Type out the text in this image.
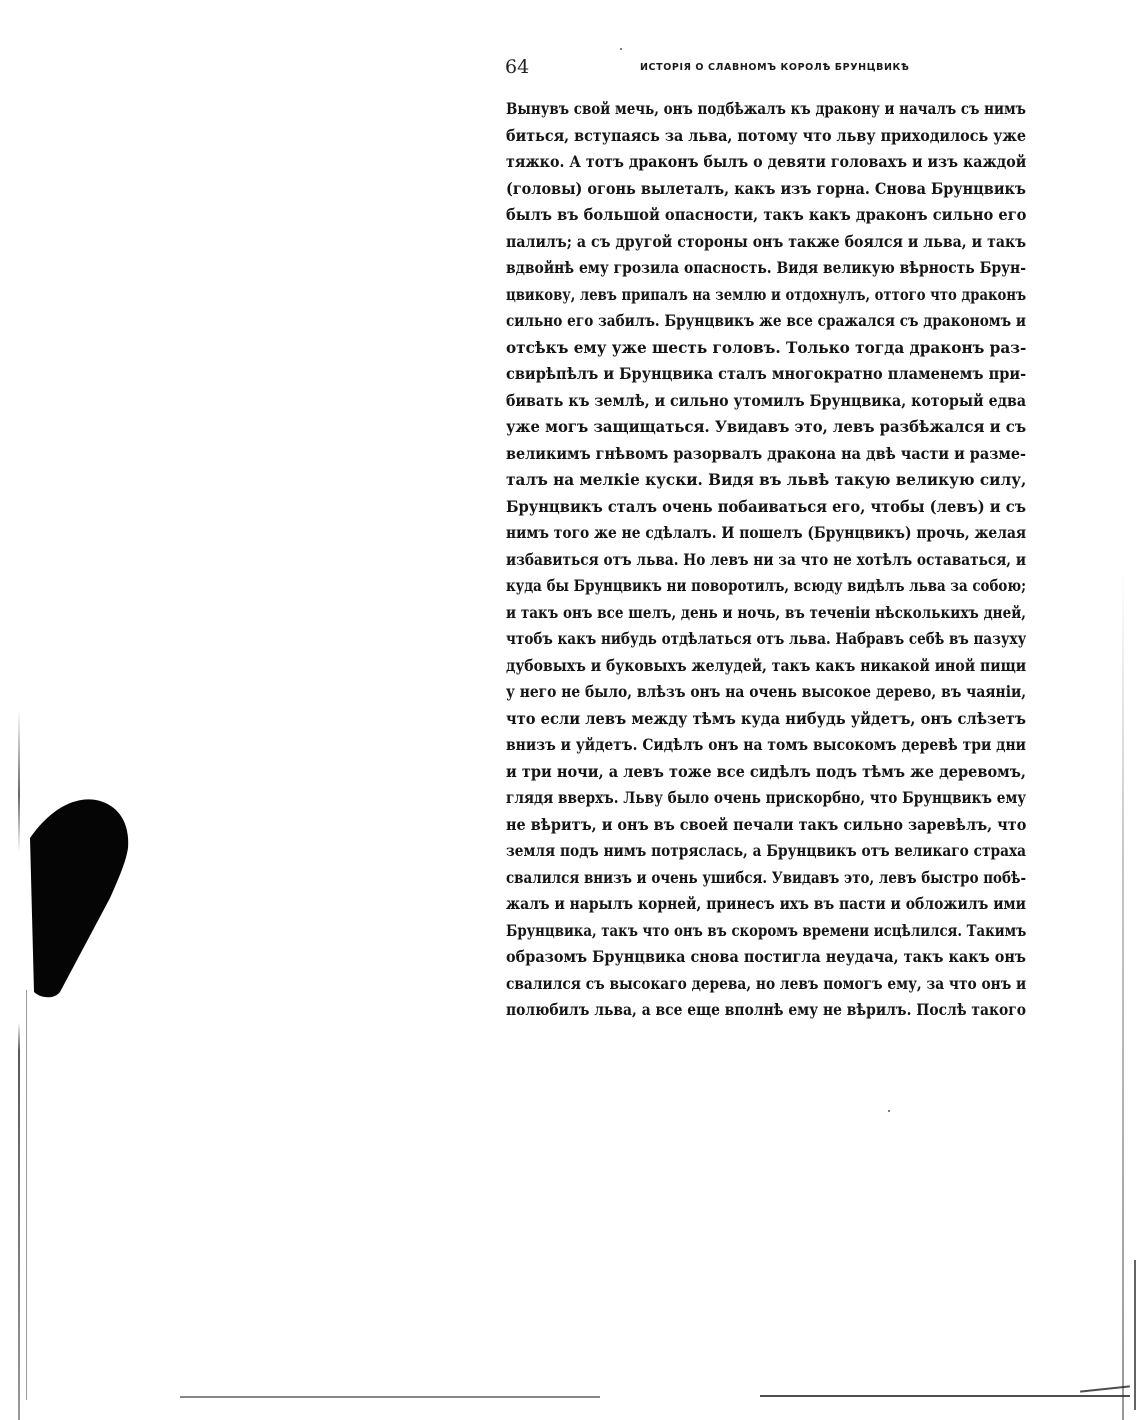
64	ИСТОРІЯ О СЛАВНОМЪ КОРОЛѢ БРУНЦВИКѢ
Вынувъ свой мечь, онъ подбѣжалъ къ дракону и началъ съ нимъ
биться, вступаясь за льва, потому что льву приходилось уже
тяжко. А тотъ драконъ былъ о девяти головахъ и изъ каждой
(головы) огонь вылеталъ, какъ изъ горна. Снова Брунцвикъ
былъ въ большой опасности, такъ какъ драконъ сильно его
палилъ; а съ другой стороны онъ также боялся и льва, и такъ
вдвойнѣ ему грозила опасность. Видя великую вѣрность Брун-
цвикову, левъ припалъ на землю и отдохнулъ, оттого что драконъ
сильно его забилъ. Брунцвикъ же все сражался съ дракономъ и
отсѣкъ ему уже шесть головъ. Только тогда драконъ раз-
свирѣпѣлъ и Брунцвика сталъ многократно пламенемъ при-
бивать къ землѣ, и сильно утомилъ Брунцвика, который едва
уже могъ защищаться. Увидавъ это, левъ разбѣжался и съ
великимъ гнѣвомъ разорвалъ дракона на двѣ части и разме-
талъ на мелкіе куски. Видя въ львѣ такую великую силу,
Брунцвикъ сталъ очень побаиваться его, чтобы (левъ) и съ
нимъ того же не сдѣлалъ. И пошелъ (Брунцвикъ) прочь, желая
избавиться отъ льва. Но левъ ни за что не хотѣлъ оставаться, и
куда бы Брунцвикъ ни поворотилъ, всюду видѣлъ льва за собою;
и такъ онъ все шелъ, день и ночь, въ теченіи нѣсколькихъ дней,
чтобъ какъ нибудь отдѣлаться отъ льва. Набравъ себѣ въ пазуху
дубовыхъ и буковыхъ желудей, такъ какъ никакой иной пищи
у него не было, влѣзъ онъ на очень высокое дерево, въ чаяніи,
что если левъ между тѣмъ куда нибудь уйдетъ, онъ слѣзетъ
внизъ и уйдетъ. Сидѣлъ онъ на томъ высокомъ деревѣ три дни
и три ночи, а левъ тоже все сидѣлъ подъ тѣмъ же деревомъ,
глядя вверхъ. Льву было очень прискорбно, что Брунцвикъ ему
не вѣритъ, и онъ въ своей печали такъ сильно заревѣлъ, что
земля подъ нимъ потряслась, а Брунцвикъ отъ великаго страха
свалился внизъ и очень ушибся. Увидавъ это, левъ быстро побѣ-
жалъ и нарылъ корней, принесъ ихъ въ пасти и обложилъ ими
Брунцвика, такъ что онъ въ скоромъ времени исцѣлился. Такимъ
образомъ Брунцвика снова постигла неудача, такъ какъ онъ
свалился съ высокаго дерева, но левъ помогъ ему, за что онъ и
полюбилъ льва, а все еще вполнѣ ему не вѣрилъ. Послѣ такого
